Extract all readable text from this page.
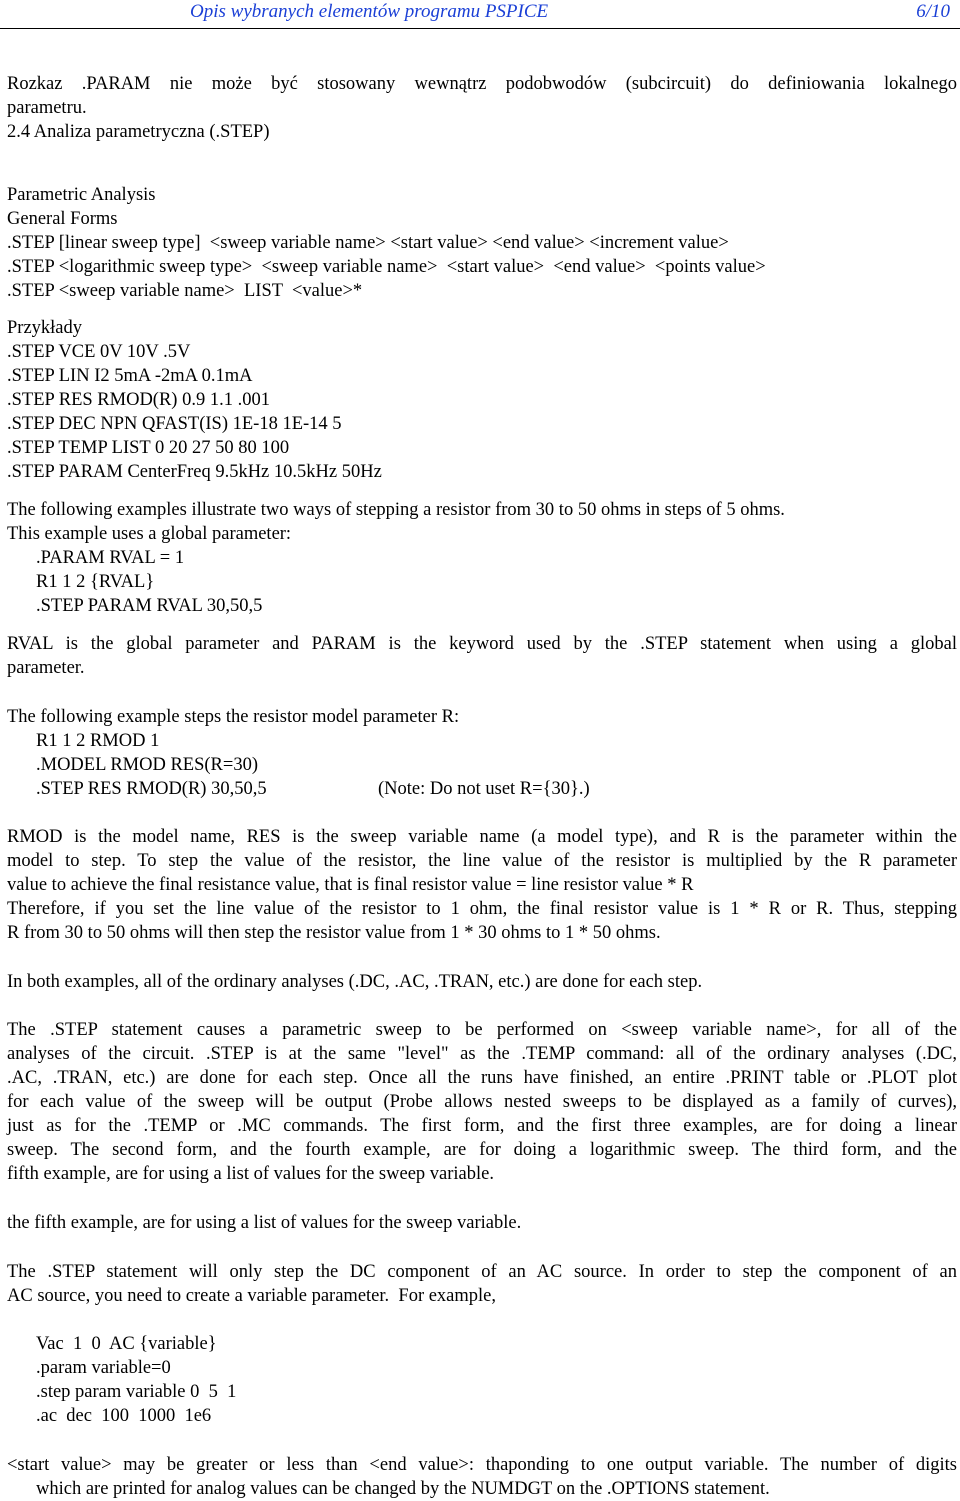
Opis wybranych elementów programu PSPICE	6/10
Rozkaz .PARAM nie może być stosowany wewnątrz podobwodów (subcircuit) do definiowania lokalnego
parametru.
2.4 Analiza parametryczna (.STEP)
Parametric Analysis
General Forms
.STEP [linear sweep type]  <sweep variable name> <start value> <end value> <increment value>
.STEP <logarithmic sweep type>  <sweep variable name>  <start value>  <end value>  <points value>
.STEP <sweep variable name>  LIST  <value>*
Przykłady
.STEP VCE 0V 10V .5V
.STEP LIN I2 5mA -2mA 0.1mA
.STEP RES RMOD(R) 0.9 1.1 .001
.STEP DEC NPN QFAST(IS) 1E-18 1E-14 5
.STEP TEMP LIST 0 20 27 50 80 100
.STEP PARAM CenterFreq 9.5kHz 10.5kHz 50Hz
The following examples illustrate two ways of stepping a resistor from 30 to 50 ohms in steps of 5 ohms.
This example uses a global parameter:
.PARAM RVAL = 1
R1 1 2 {RVAL}
.STEP PARAM RVAL 30,50,5
RVAL is the global parameter and PARAM is the keyword used by the .STEP statement when using a global
parameter.
The following example steps the resistor model parameter R:
R1 1 2 RMOD 1
.MODEL RMOD RES(R=30)
.STEP RES RMOD(R) 30,50,5	(Note: Do not uset R={30}.)
RMOD is the model name, RES is the sweep variable name (a model type), and R is the parameter within the
model to step. To step the value of the resistor, the line value of the resistor is multiplied by the R parameter
value to achieve the final resistance value, that is final resistor value = line resistor value * R
Therefore, if you set the line value of the resistor to 1 ohm, the final resistor value is 1 * R or R. Thus, stepping
R from 30 to 50 ohms will then step the resistor value from 1 * 30 ohms to 1 * 50 ohms.
In both examples, all of the ordinary analyses (.DC, .AC, .TRAN, etc.) are done for each step.
The .STEP statement causes a parametric sweep to be performed on <sweep variable name>, for all of the
analyses of the circuit. .STEP is at the same "level" as the .TEMP command: all of the ordinary analyses (.DC,
.AC, .TRAN, etc.) are done for each step. Once all the runs have finished, an entire .PRINT table or .PLOT plot
for each value of the sweep will be output (Probe allows nested sweeps to be displayed as a family of curves),
just as for the .TEMP or .MC commands. The first form, and the first three examples, are for doing a linear
sweep. The second form, and the fourth example, are for doing a logarithmic sweep. The third form, and the
fifth example, are for using a list of values for the sweep variable.
the fifth example, are for using a list of values for the sweep variable.
The .STEP statement will only step the DC component of an AC source. In order to step the component of an
AC source, you need to create a variable parameter.  For example,
Vac  1  0  AC {variable}
.param variable=0
.step param variable 0  5  1
.ac  dec  100  1000  1e6
<start value> may be greater or less than <end value>: thaponding to one output variable. The number of digits
which are printed for analog values can be changed by the NUMDGT on the .OPTIONS statement.
